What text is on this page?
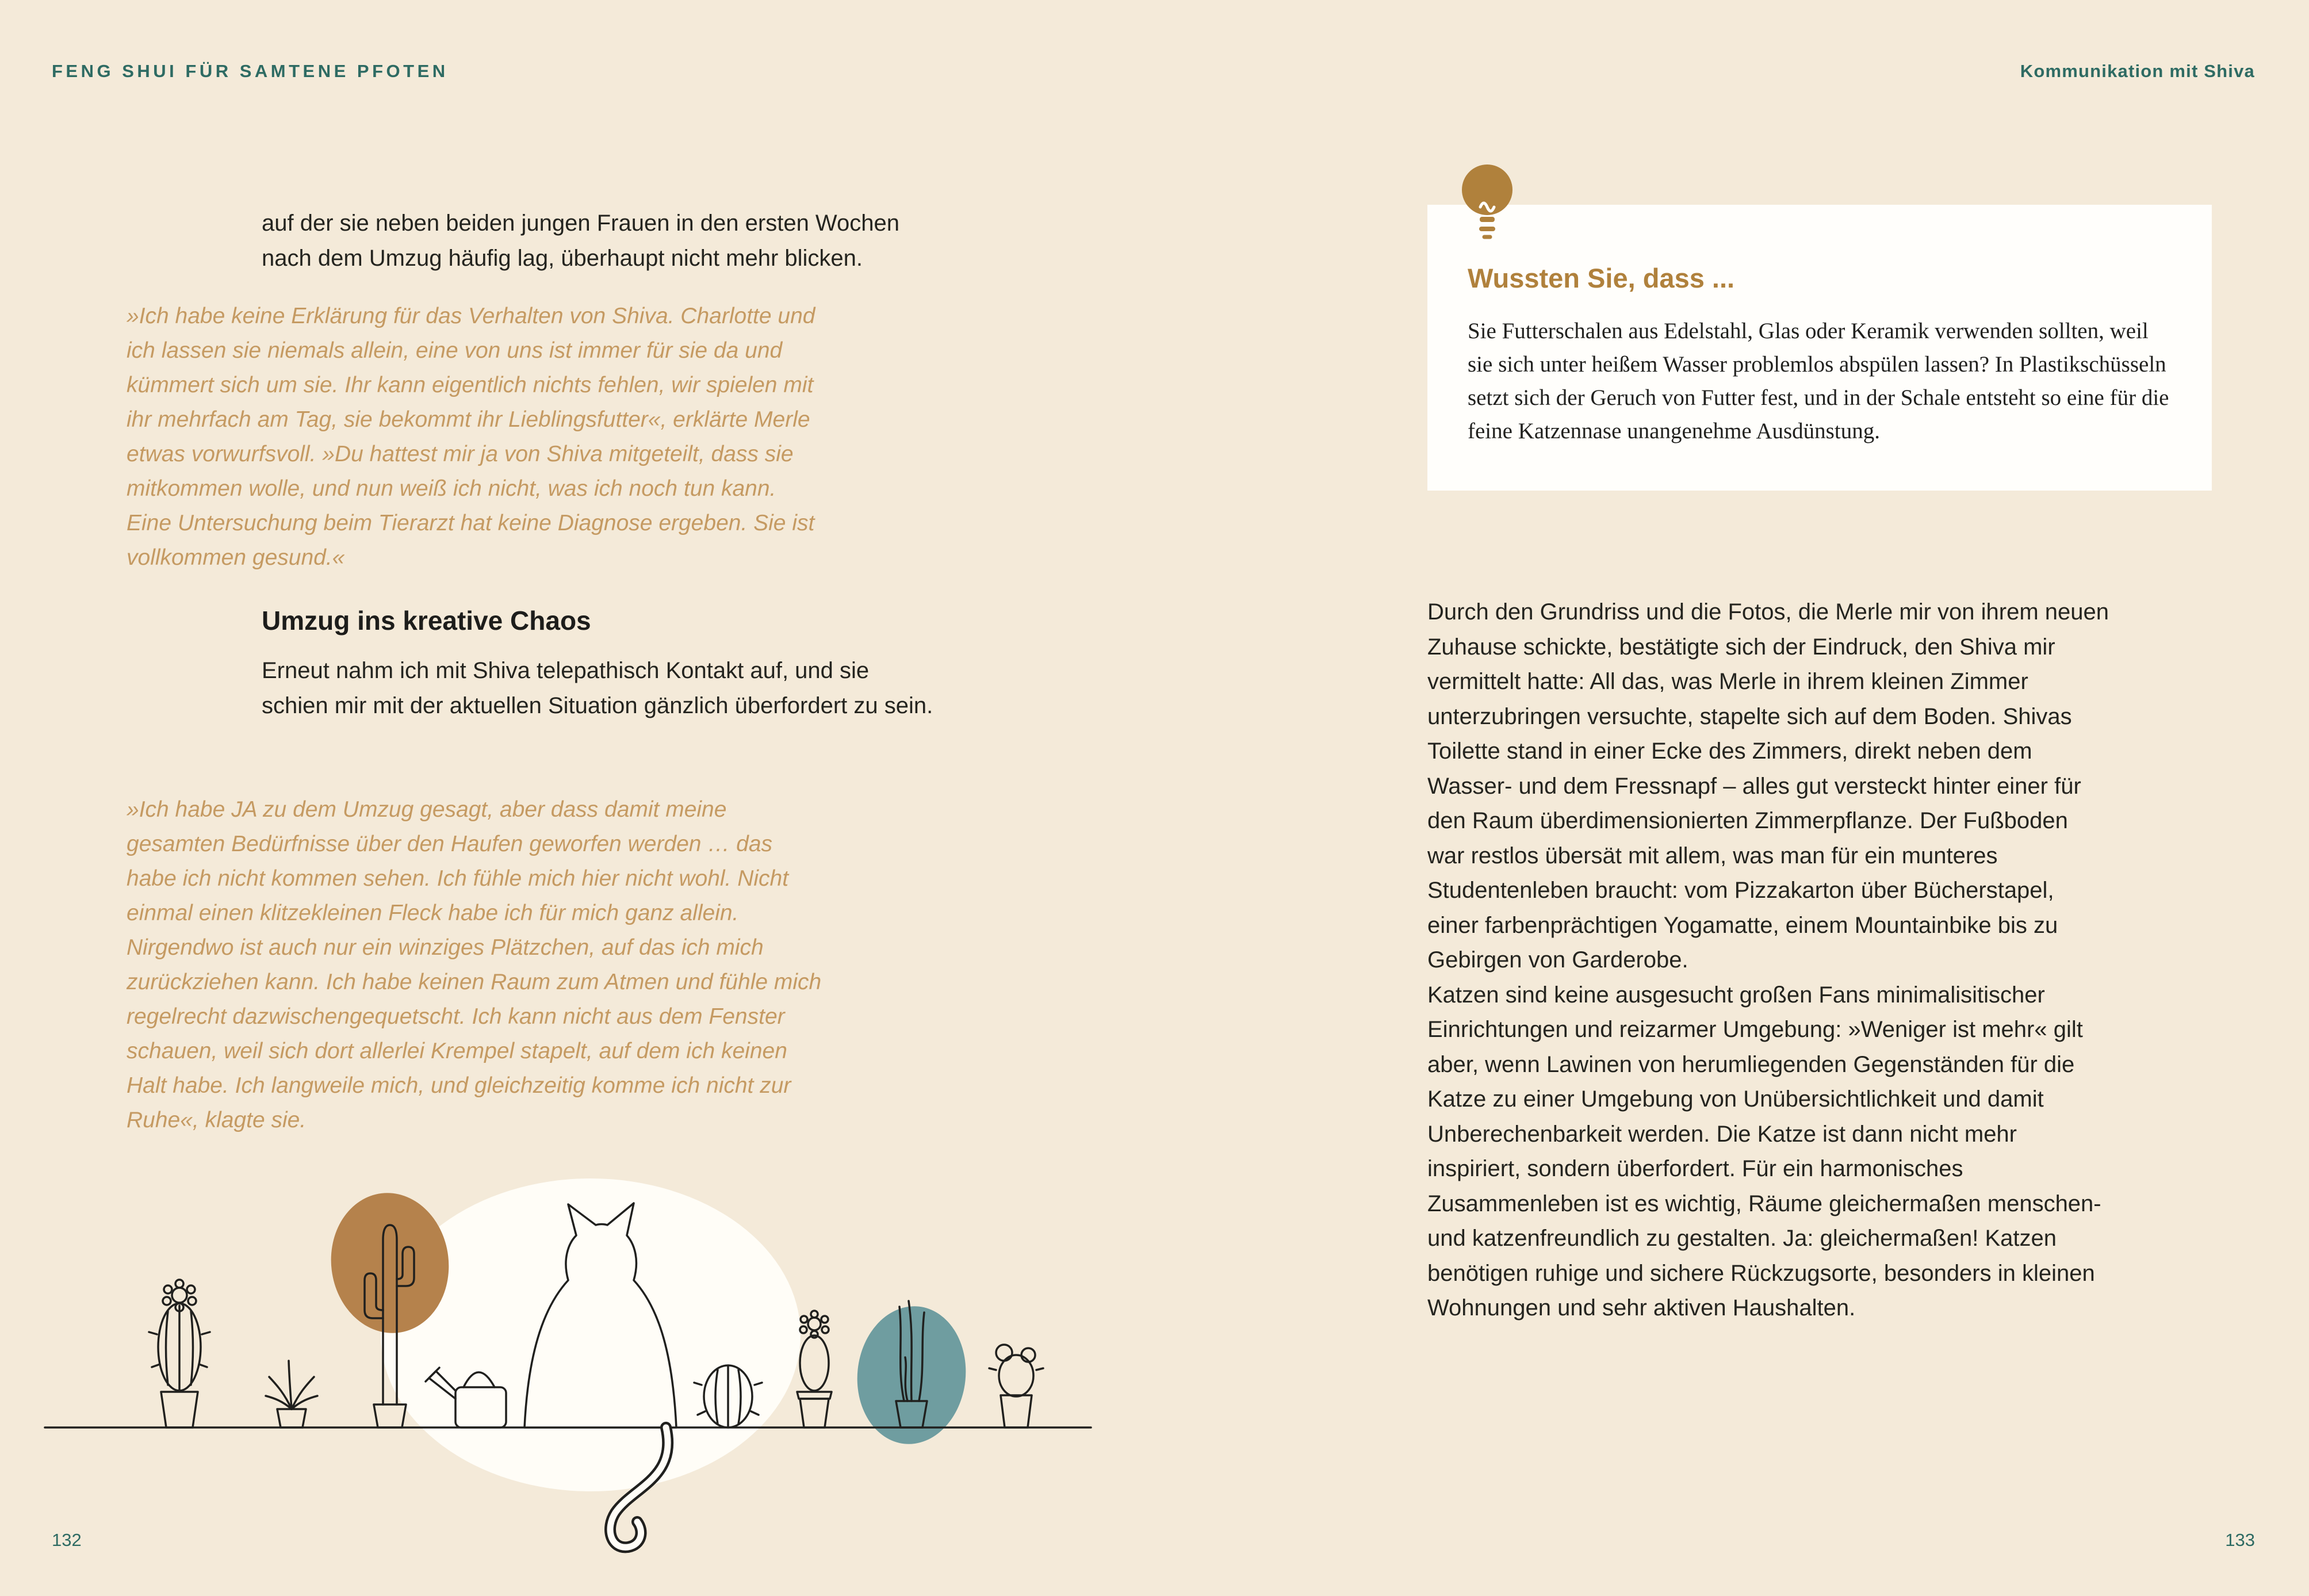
FENG SHUI FÜR SAMTENE PFOTEN	Kommunikation mit Shiva
auf der sie neben beiden jungen Frauen in den ersten Wochen nach dem Umzug häufig lag, überhaupt nicht mehr blicken.
»Ich habe keine Erklärung für das Verhalten von Shiva. Charlotte und ich lassen sie niemals allein, eine von uns ist immer für sie da und kümmert sich um sie. Ihr kann eigentlich nichts fehlen, wir spielen mit ihr mehrfach am Tag, sie bekommt ihr Lieblingsfutter«, erklärte Merle etwas vorwurfsvoll. »Du hattest mir ja von Shiva mitgeteilt, dass sie mitkommen wolle, und nun weiß ich nicht, was ich noch tun kann. Eine Untersuchung beim Tierarzt hat keine Diagnose ergeben. Sie ist vollkommen gesund.«
Umzug ins kreative Chaos
Erneut nahm ich mit Shiva telepathisch Kontakt auf, und sie schien mir mit der aktuellen Situation gänzlich überfordert zu sein.
»Ich habe JA zu dem Umzug gesagt, aber dass damit meine gesamten Bedürfnisse über den Haufen geworfen werden … das habe ich nicht kommen sehen. Ich fühle mich hier nicht wohl. Nicht einmal einen klitzekleinen Fleck habe ich für mich ganz allein. Nirgendwo ist auch nur ein winziges Plätzchen, auf das ich mich zurückziehen kann. Ich habe keinen Raum zum Atmen und fühle mich regelrecht dazwischengequetscht. Ich kann nicht aus dem Fenster schauen, weil sich dort allerlei Krempel stapelt, auf dem ich keinen Halt habe. Ich langweile mich, und gleichzeitig komme ich nicht zur Ruhe«, klagte sie.
132

Wussten Sie, dass ...

Sie Futterschalen aus Edelstahl, Glas oder Keramik verwenden sollten, weil sie sich unter heißem Wasser problemlos abspülen lassen? In Plastikschüsseln setzt sich der Geruch von Futter fest, und in der Schale entsteht so eine für die feine Katzennase unangenehme Ausdünstung.

Durch den Grundriss und die Fotos, die Merle mir von ihrem neuen Zuhause schickte, bestätigte sich der Eindruck, den Shiva mir vermittelt hatte: All das, was Merle in ihrem kleinen Zimmer unterzubringen versuchte, stapelte sich auf dem Boden. Shivas Toilette stand in einer Ecke des Zimmers, direkt neben dem Wasser- und dem Fressnapf – alles gut versteckt hinter einer für den Raum überdimensionierten Zimmerpflanze. Der Fußboden war restlos übersät mit allem, was man für ein munteres Studentenleben braucht: vom Pizzakarton über Bücherstapel, einer farbenprächtigen Yogamatte, einem Mountainbike bis zu Gebirgen von Garderobe.

Katzen sind keine ausgesucht großen Fans minimalisitischer Einrichtungen und reizarmer Umgebung: »Weniger ist mehr« gilt aber, wenn Lawinen von herumliegenden Gegenständen für die Katze zu einer Umgebung von Unübersichtlichkeit und damit Unberechenbarkeit werden. Die Katze ist dann nicht mehr inspiriert, sondern überfordert. Für ein harmonisches Zusammenleben ist es wichtig, Räume gleichermaßen menschen- und katzenfreundlich zu gestalten. Ja: gleichermaßen! Katzen benötigen ruhige und sichere Rückzugsorte, besonders in kleinen Wohnungen und sehr aktiven Haushalten.

133
